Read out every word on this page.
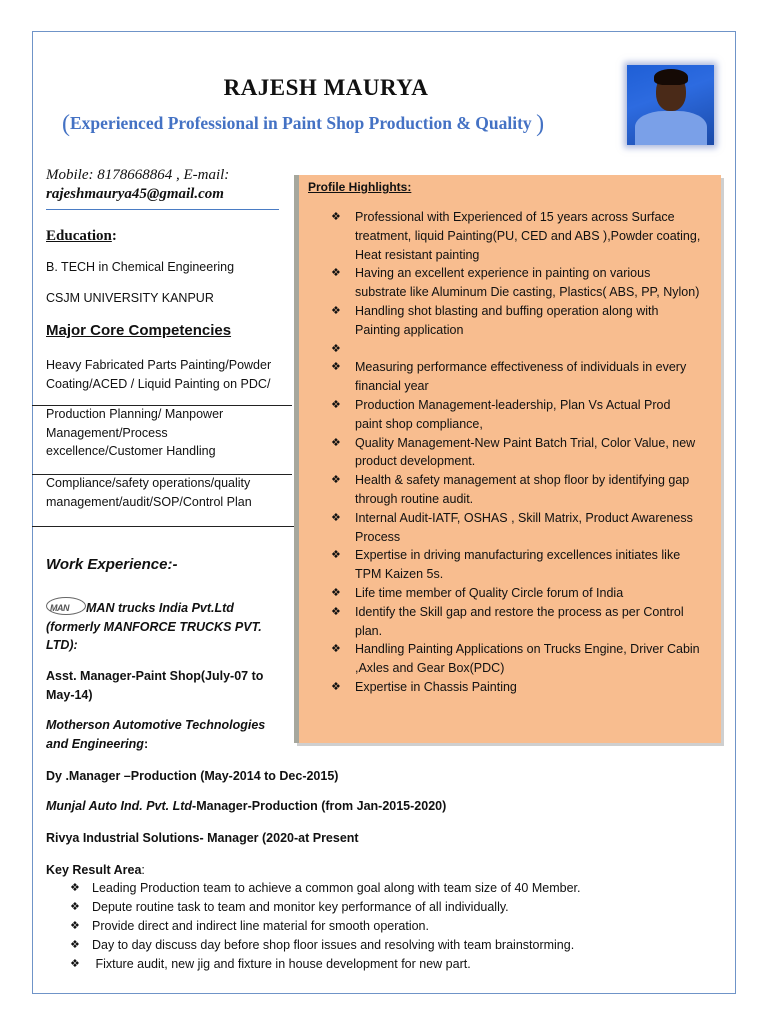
RAJESH MAURYA
(Experienced Professional in Paint Shop Production & Quality )
Mobile: 8178668864 , E-mail:
rajeshmaurya45@gmail.com
Education:
B. TECH in Chemical Engineering
CSJM UNIVERSITY KANPUR
Major Core Competencies
Heavy Fabricated Parts Painting/Powder
Coating/ACED / Liquid Painting on PDC/
Production Planning/ Manpower
Management/Process
excellence/Customer Handling
Compliance/safety operations/quality
management/audit/SOP/Control Plan
Profile Highlights:
❖ Professional with Experienced of 15 years across Surface
treatment, liquid Painting(PU, CED and ABS ),Powder coating,
Heat resistant painting
❖ Having an excellent experience in painting on various
substrate like Aluminum Die casting, Plastics( ABS, PP, Nylon)
❖ Handling shot blasting and buffing operation along with
Painting application
❖
❖ Measuring performance effectiveness of individuals in every
financial year
❖ Production Management-leadership, Plan Vs Actual Prod
paint shop compliance,
❖ Quality Management-New Paint Batch Trial, Color Value, new
product development.
❖ Health & safety management at shop floor by identifying gap
through routine audit.
❖ Internal Audit-IATF, OSHAS , Skill Matrix, Product Awareness
Process
❖ Expertise in driving manufacturing excellences initiates like
TPM Kaizen 5s.
❖ Life time member of Quality Circle forum of India
❖ Identify the Skill gap and restore the process as per Control
plan.
❖ Handling Painting Applications on Trucks Engine, Driver Cabin
,Axles and Gear Box(PDC)
❖ Expertise in Chassis Painting
Work Experience:-
MAN MAN trucks India Pvt.Ltd
(formerly MANFORCE TRUCKS PVT.
LTD):
Asst. Manager-Paint Shop(July-07 to
May-14)
Motherson Automotive Technologies
and Engineering:
Dy .Manager –Production (May-2014 to Dec-2015)
Munjal Auto Ind. Pvt. Ltd-Manager-Production (from Jan-2015-2020)
Rivya Industrial Solutions- Manager (2020-at Present
Key Result Area:
❖ Leading Production team to achieve a common goal along with team size of 40 Member.
❖ Depute routine task to team and monitor key performance of all individually.
❖ Provide direct and indirect line material for smooth operation.
❖ Day to day discuss day before shop floor issues and resolving with team brainstorming.
❖ Fixture audit, new jig and fixture in house development for new part.
